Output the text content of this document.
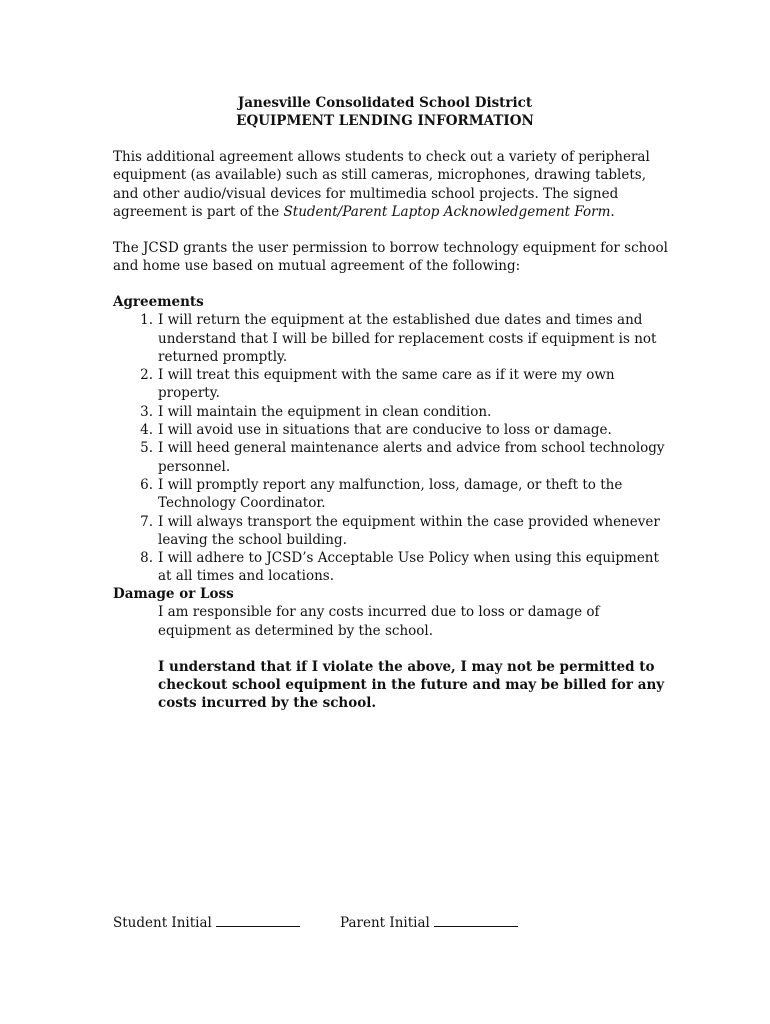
Janesville Consolidated School District
EQUIPMENT LENDING INFORMATION
This additional agreement allows students to check out a variety of peripheral equipment (as available) such as still cameras, microphones, drawing tablets, and other audio/visual devices for multimedia school projects. The signed agreement is part of the Student/Parent Laptop Acknowledgement Form.
The JCSD grants the user permission to borrow technology equipment for school and home use based on mutual agreement of the following:
Agreements
1. I will return the equipment at the established due dates and times and understand that I will be billed for replacement costs if equipment is not returned promptly.
2. I will treat this equipment with the same care as if it were my own property.
3. I will maintain the equipment in clean condition.
4. I will avoid use in situations that are conducive to loss or damage.
5. I will heed general maintenance alerts and advice from school technology personnel.
6. I will promptly report any malfunction, loss, damage, or theft to the Technology Coordinator.
7. I will always transport the equipment within the case provided whenever leaving the school building.
8. I will adhere to JCSD’s Acceptable Use Policy when using this equipment at all times and locations.
Damage or Loss
I am responsible for any costs incurred due to loss or damage of equipment as determined by the school.
I understand that if I violate the above, I may not be permitted to checkout school equipment in the future and may be billed for any costs incurred by the school.
Student Initial	Parent Initial
